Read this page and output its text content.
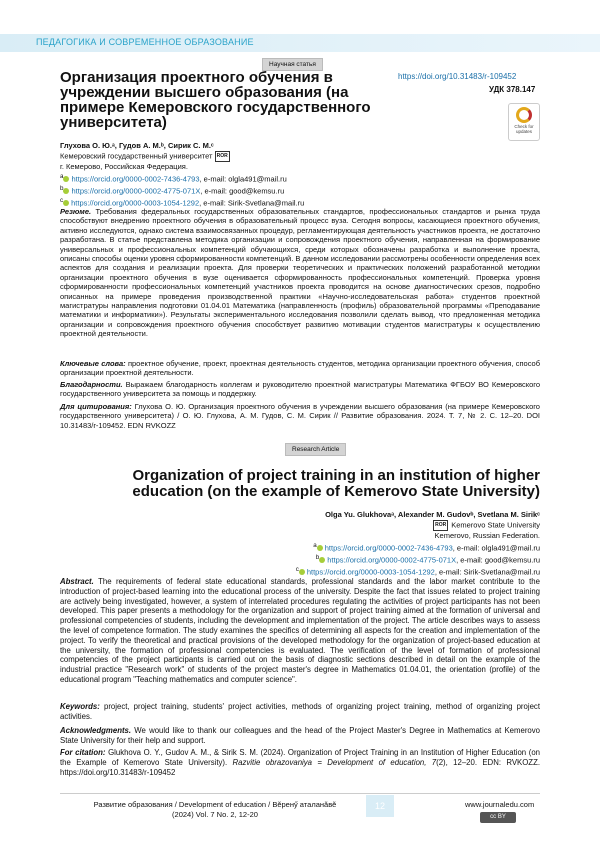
ПЕДАГОГИКА И СОВРЕМЕННОЕ ОБРАЗОВАНИЕ
Научная статья
Организация проектного обучения в учреждении высшего образования (на примере Кемеровского государственного университета)
https://doi.org/10.31483/r-109452
УДК 378.147
Check for updates
Глухова О. Ю.ᵃ, Гудов А. М.ᵇ, Сирик С. М.ᶜ
Кемеровский государственный университет ROR
г. Кемерово, Российская Федерация.
$^a$ https://orcid.org/0000-0002-7436-4793, e-mail: olgla491@mail.ru
$^b$ https://orcid.org/0000-0002-4775-071X, e-mail: good@kemsu.ru
$^c$ https://orcid.org/0000-0003-1054-1292, e-mail: Sirik-Svetlana@mail.ru
Резюме. Требования федеральных государственных образовательных стандартов, профессиональных стандартов и рынка труда способствуют внедрению проектного обучения в образовательный процесс вуза. Сегодня вопросы, касающиеся проектного обучения, активно исследуются, однако система взаимосвязанных процедур, регламентирующая деятельность участников проекта, не достаточно разработана. В статье представлена методика организации и сопровождения проектного обучения, направленная на формирование универсальных и профессиональных компетенций обучающихся, среди которых обозначены разработка и выполнение проекта, описаны способы оценки уровня сформированности компетенций. В данном исследовании рассмотрены особенности определения всех аспектов для создания и реализации проекта. Для проверки теоретических и практических положений разработанной методики организации проектного обучения в вузе оценивается сформированность профессиональных компетенций. Проверка уровня сформированности профессиональных компетенций участников проекта проводится на основе диагностических срезов, подробно описанных на примере проведения производственной практики «Научно-исследовательская работа» студентов проектной магистратуры направления подготовки 01.04.01 Математика (направленность (профиль) образовательной программы «Преподавание математики и информатики»). Результаты экспериментального исследования позволили сделать вывод, что предложенная методика организации и сопровождения проектного обучения способствует развитию мотивации студентов магистратуры к осуществлению проектной деятельности.
Ключевые слова: проектное обучение, проект, проектная деятельность студентов, методика организации проектного обучения, способ организации проектной деятельности.
Благодарности. Выражаем благодарность коллегам и руководителю проектной магистратуры Математика ФГБОУ ВО Кемеровского государственного университета за помощь и поддержку.
Для цитирования: Глухова О. Ю. Организация проектного обучения в учреждении высшего образования (на примере Кемеровского государственного университета) / О. Ю. Глухова, А. М. Гудов, С. М. Сирик // Развитие образования. 2024. Т. 7, № 2. С. 12–20. DOI 10.31483/r-109452. EDN RVKOZZ
Research Article
Organization of project training in an institution of higher education (on the example of Kemerovo State University)
Olga Yu. Glukhovaᵃ, Alexander M. Gudovᵇ, Svetlana M. Sirikᶜ
ROR Kemerovo State University
Kemerovo, Russian Federation.
$^a$ https://orcid.org/0000-0002-7436-4793, e-mail: olgla491@mail.ru
$^b$ https://orcid.org/0000-0002-4775-071X, e-mail: good@kemsu.ru
$^c$ https://orcid.org/0000-0003-1054-1292, e-mail: Sirik-Svetlana@mail.ru
Abstract. The requirements of federal state educational standards, professional standards and the labor market contribute to the introduction of project-based learning into the educational process of the university. Despite the fact that issues related to project training are actively being investigated, however, a system of interrelated procedures regulating the activities of project participants has not been developed. This paper presents a methodology for the organization and support of project training aimed at the formation of universal and professional competencies of students, including the development and implementation of the project. The article describes ways to assess the level of competence formation. The study examines the specifics of determining all aspects for the creation and implementation of the project. To verify the theoretical and practical provisions of the developed methodology for the organization of project-based education at the university, the formation of professional competencies is evaluated. The verification of the level of formation of professional competencies of the project participants is carried out on the basis of diagnostic sections described in detail on the example of the industrial practice "Research work" of students of the project master's degree in Mathematics 01.04.01, the orientation (profile) of the educational program "Teaching mathematics and computer science".
Keywords: project, project training, students' project activities, methods of organizing project training, method of organizing project activities.
Acknowledgments. We would like to thank our colleagues and the head of the Project Master's Degree in Mathematics at Kemerovo State University for their help and support.
For citation: Glukhova O. Y., Gudov A. M., & Sirik S. M. (2024). Organization of Project Training in an Institution of Higher Education (on the Example of Kemerovo State University). Razvitie obrazovaniya = Development of education, 7(2), 12–20. EDN: RVKOZZ. https://doi.org/10.31483/r-109452
Развитие образования / Development of education / Вĕренӳ аталанӑвĕ
(2024) Vol. 7 No. 2, 12-20
12	www.journaledu.com
cc BY
